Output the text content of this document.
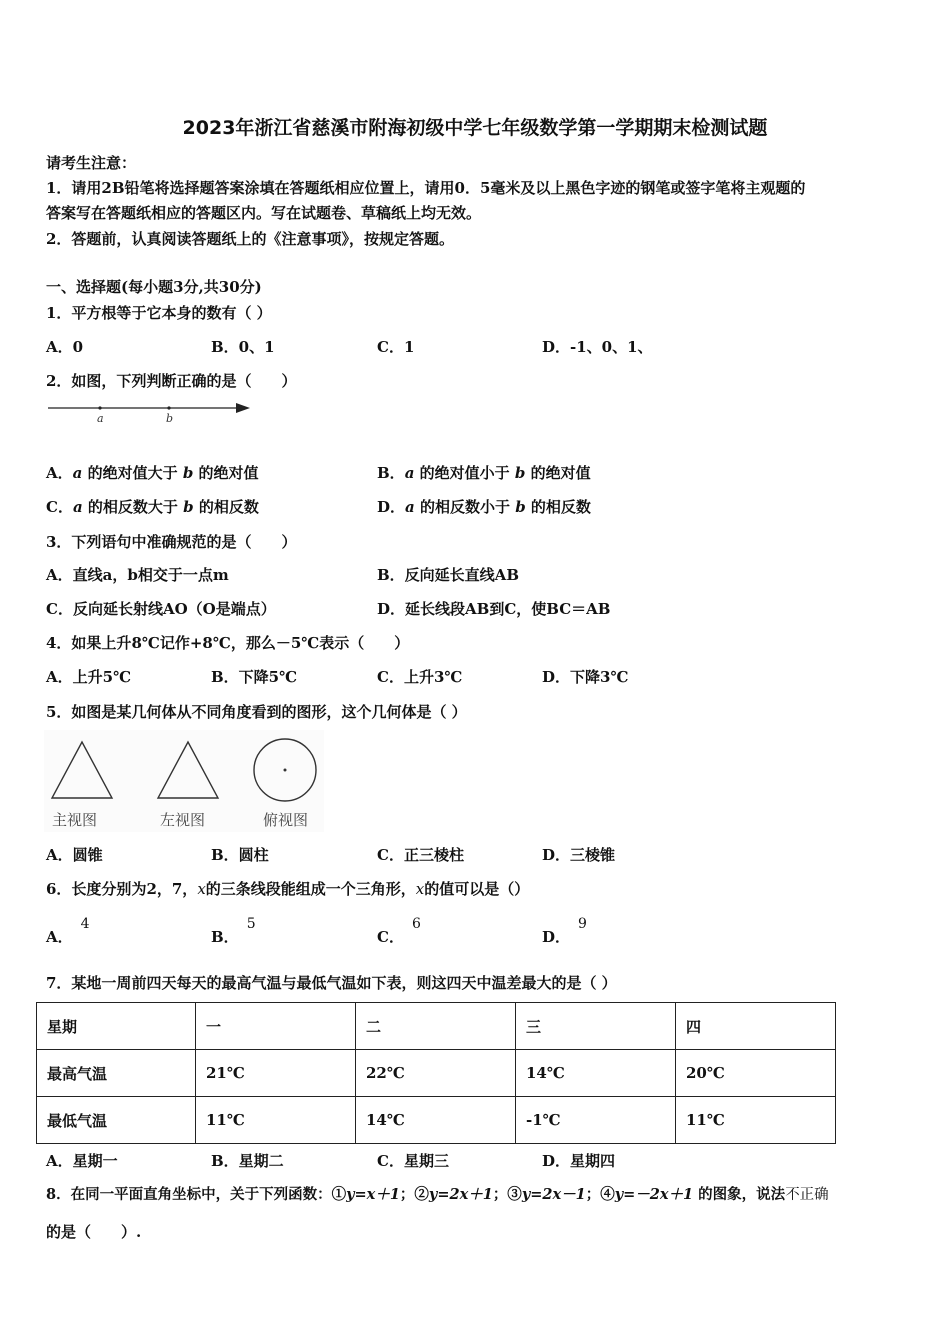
2023年浙江省慈溪市附海初级中学七年级数学第一学期期末检测试题
请考生注意：
1．请用2B铅笔将选择题答案涂填在答题纸相应位置上，请用0．5毫米及以上黑色字迹的钢笔或签字笔将主观题的
答案写在答题纸相应的答题区内。写在试题卷、草稿纸上均无效。
2．答题前，认真阅读答题纸上的《注意事项》，按规定答题。
一、选择题(每小题3分,共30分)
1．平方根等于它本身的数有（ ）
A．0	B．0、1	C．1	D．-1、0、1、
2．如图，下列判断正确的是（　　）
a	b
A．a 的绝对值大于 b 的绝对值	B．a 的绝对值小于 b 的绝对值
C．a 的相反数大于 b 的相反数	D．a 的相反数小于 b 的相反数
3．下列语句中准确规范的是（　　）
A．直线a，b相交于一点m	B．反向延长直线AB
C．反向延长射线AO（O是端点）	D．延长线段AB到C，使BC＝AB
4．如果上升8℃记作+8℃，那么－5℃表示（　　）
A．上升5℃	B．下降5℃	C．上升3℃	D．下降3℃
5．如图是某几何体从不同角度看到的图形，这个几何体是（ ）
主视图	左视图	俯视图
A．圆锥	B．圆柱	C．正三棱柱	D．三棱锥
6．长度分别为2，7，x的三条线段能组成一个三角形，x的值可以是（）
A．4
B．5
C．6
D．9
7．某地一周前四天每天的最高气温与最低气温如下表，则这四天中温差最大的是（ ）
星期	一	二	三	四
最高气温	21℃	22℃	14℃	20℃
最低气温	11℃	14℃	-1℃	11℃
A．星期一	B．星期二	C．星期三	D．星期四
8．在同一平面直角坐标中，关于下列函数：①y=x＋1；②y=2x＋1；③y=2x－1；④y=－2x＋1 的图象，说法不正确
的是（　　）.
